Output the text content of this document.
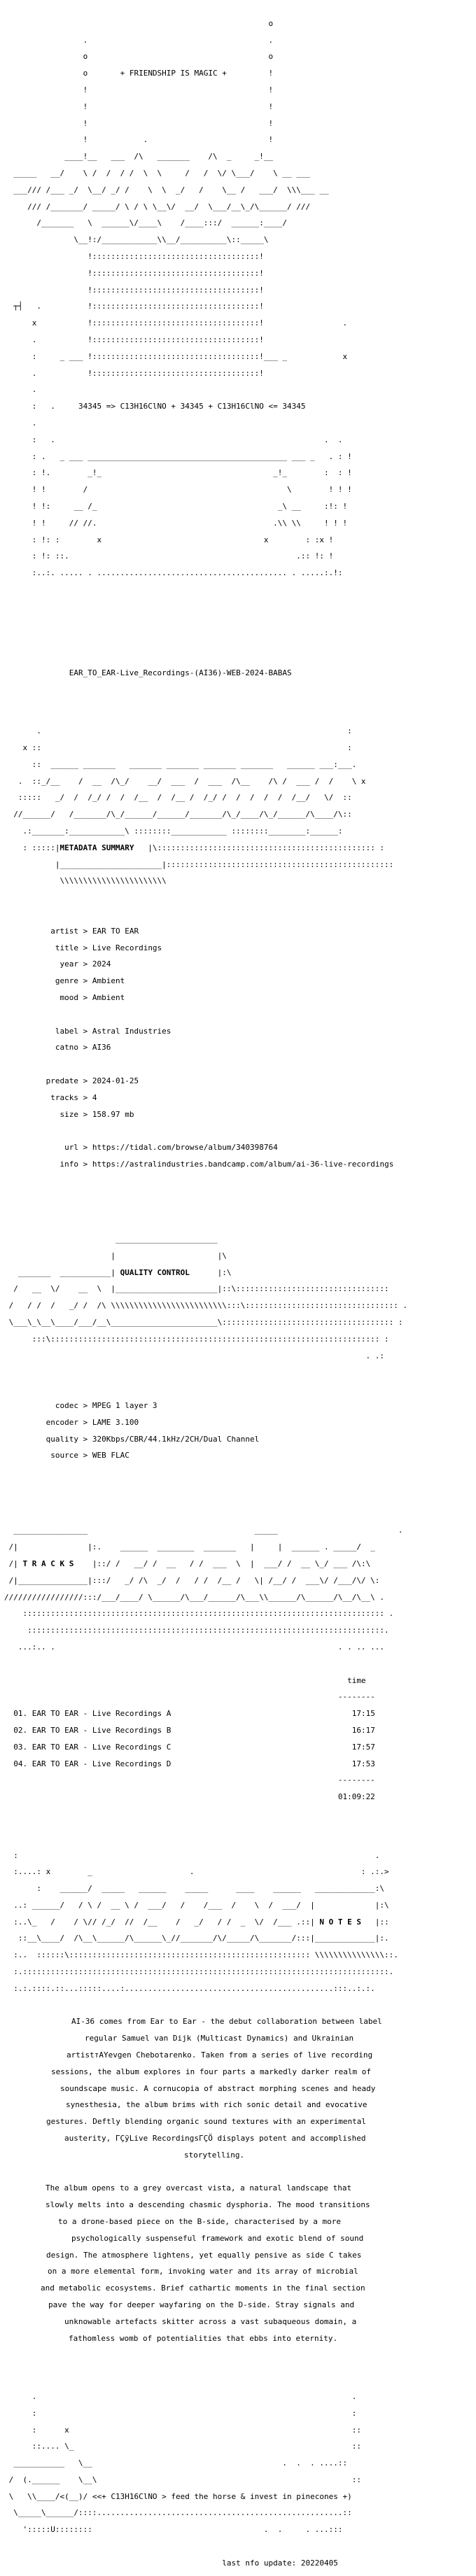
o

.                                       .

o                                       o

o       + FRIENDSHIP IS MAGIC +         !

!                                       !

!                                       !

!                                       !

!            .                          !

____!__   ___  /\   _______    /\  _     _!__

_____   __/    \ /  /  / /  \  \     /   /  \/ \___/    \ __ ___

___/// /___ _/  \__/ _/ /    \  \  _/   /    \__ /   ___/  \\\___ __

/// /_______/ _____/ \ / \ \__\/  __/  \___/__\_/\______/ ///

/_______   \  ______\/____\    /____:::/  ______:____/

\__!:/____________\\__/__________\::_____\

!::::::::::::::::::::::::::::::::::::!

!::::::::::::::::::::::::::::::::::::!

!::::::::::::::::::::::::::::::::::::!

┬┤   .          !::::::::::::::::::::::::::::::::::::!

x           !::::::::::::::::::::::::::::::::::::!                 .

.           !::::::::::::::::::::::::::::::::::::!

:     _ ___ !::::::::::::::::::::::::::::::::::::!___ _            x

.           !::::::::::::::::::::::::::::::::::::!

.

:   .     34345 => C13H16ClNO + 34345 + C13H16ClNO <= 34345

.

:   .                                                          .  .

: .   _ ___ ___________________________________________ ___ _   . : !

: !.        _!_                                     _!_        :  : !

! !        /                                           \        ! ! !

! !:     __ /_                                       _\ __     :!: !

! !     // //.                                      .\\ \\     ! ! !

: !: :        x                                   x        : :x !

: !: ::.                                                 .:: !: !

:..:. ..... . ......................................... . .....:.!:

EAR_TO_EAR-Live_Recordings-(AI36)-WEB-2024-BABAS

.                                                                  :

x ::                                                                  :

::  ______ _______   _______ _______ _______ _______   ______ ___:___.

.  ::_/__    /  __  /\_/    __/  ___  /  ___  /\__    /\ /  ___ /  /    \ x

:::::   _/  /  /_/ /  /  /__  /  /__ /  /_/ /  /  /  /  /  /__/   \/  ::

//______/   /_______/\_/______/______/_______/\_/____/\_/______/\____/\::

.:_______:____________\ ::::::::____________ ::::::::________:______:

: :::::|METADATA SUMMARY   |\::::::::::::::::::::::::::::::::::::::::::::::: :

|______________________|:::::::::::::::::::::::::::::::::::::::::::::::::

\\\\\\\\\\\\\\\\\\\\\\\

artist > EAR TO EAR

title > Live Recordings

year > 2024

genre > Ambient

mood > Ambient

label > Astral Industries

catno > AI36

predate > 2024-01-25

tracks > 4

size > 158.97 mb

url > https://tidal.com/browse/album/340398764

info > https://astralindustries.bandcamp.com/album/ai-36-live-recordings

______________________

|                      |\

_______  ___________| QUALITY CONTROL      |:\

/   __  \/    __  \  |______________________|::\:::::::::::::::::::::::::::::::::

/   / /  /   _/ /  /\ \\\\\\\\\\\\\\\\\\\\\\\\\:::\::::::::::::::::::::::::::::::::: .

\___\_\__\____/___/__\_______________________\::::::::::::::::::::::::::::::::::::: :

:::\::::::::::::::::::::::::::::::::::::::::::::::::::::::::::::::::::::::: :

. .:

codec > MPEG 1 layer 3

encoder > LAME 3.100

quality > 320Kbps/CBR/44.1kHz/2CH/Dual Channel

source > WEB FLAC

________________                                    _____                          .

/|               |:.    ______  ________  _______   |     |  ______ . _____/  _

/| T R A C K S    |::/ /   __/ /  __   / /  ___  \  |  ___/ /  __ \_/ ___ /\:\

/|_______________|:::/   _/ /\  _/  /   / /  /__ /   \| /__/ /  ___\/ /___/\/ \:

/////////////////:::/___/____/ \______/\___/______/\___\\______/\______/\__/\__\ .

:::::::::::::::::::::::::::::::::::::::::::::::::::::::::::::::::::::::::::::: .

:::::::::::::::::::::::::::::::::::::::::::::::::::::::::::::::::::::::::::::.

...:.. .                                                             . . .. ...

time

--------

01. EAR TO EAR - Live Recordings A	17:15

02. EAR TO EAR - Live Recordings B	16:17

03. EAR TO EAR - Live Recordings C	17:57

04. EAR TO EAR - Live Recordings D	17:53

--------

01:09:22

:                                                                             .

:....: x        _                     .                                    : .:.>

:    ______/  _____   ______    _____      ____    ______   _____________:\

..: ______/   / \ /  __ \ /  ___/   /    /___  /    \  /  ___/  |             |:\

:..\_   /    / \// /_/  //  /__    /   _/   / /  _  \/  /___ .::| N O T E S   |::

::__\____/  /\__\______/\______\_//_______/\/_____/\_______/:::|_____________|:.

:..  ::::::\:::::::::::::::::::::::::::::::::::::::::::::::::::: \\\\\\\\\\\\\\\::.

:.:::::::::::::::::::::::::::::::::::::::::::::::::::::::::::::::::::::::::::::::.

:.:.::::.::...:::::....:.............................................:::..:.:.

AI-36 comes from Ear to Ear - the debut collaboration between label

regular Samuel van Dijk (Multicast Dynamics) and Ukrainian

artistтАYevgen Chebotarenko. Taken from a series of live recording

sessions, the album explores in four parts a markedly darker realm of

soundscape music. A cornucopia of abstract morphing scenes and heady

synesthesia, the album brims with rich sonic detail and evocative

gestures. Deftly blending organic sound textures with an experimental

austerity, ΓÇÿLive RecordingsΓÇÖ displays potent and accomplished

storytelling.

The album opens to a grey overcast vista, a natural landscape that

slowly melts into a descending chasmic dysphoria. The mood transitions

to a drone-based piece on the B-side, characterised by a more

psychologically suspenseful framework and exotic blend of sound

design. The atmosphere lightens, yet equally pensive as side C takes

on a more elemental form, invoking water and its array of microbial

and metabolic ecosystems. Brief cathartic moments in the final section

pave the way for deeper wayfaring on the D-side. Stray signals and

unknowable artefacts skitter across a vast subaqueous domain, a

fathomless womb of potentialities that ebbs into eternity.

.                                                                    .

:                                                                    :

:      x                                                             ::

::.... \_                                                            ::

___________   \__                                         .  .  . ....::

/  (.______    \__\                                                       ::

\   \\____/<(__)/ <<+ C13H16ClNO > feed the horse & invest in pinecones +)

\_____\______/::::.....................................................::

':::::U::::::::                                     .  .     . ...:::

last nfo update: 20220405
